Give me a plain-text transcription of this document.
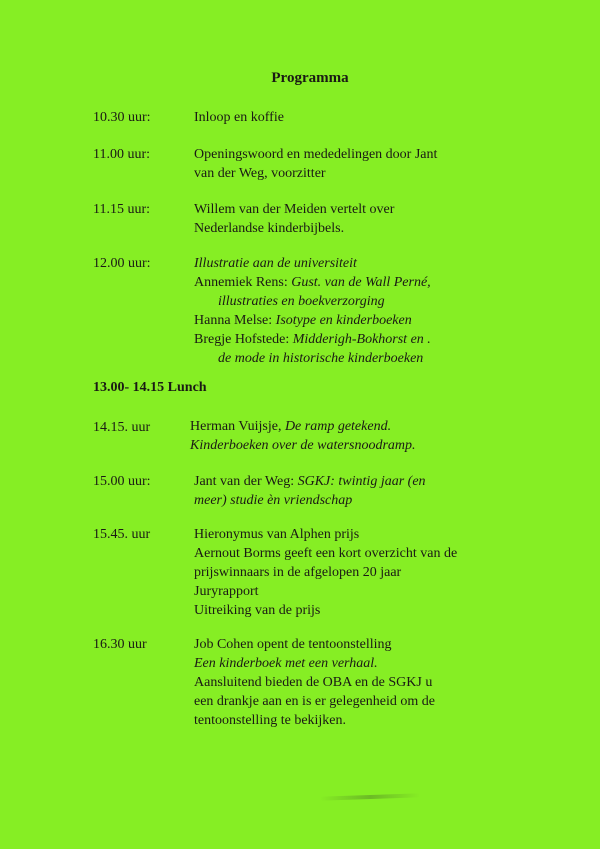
Programma
10.30 uur:	Inloop en koffie
11.00 uur:	Openingswoord en mededelingen door Jant
van der Weg, voorzitter
11.15 uur:	Willem van der Meiden vertelt over
Nederlandse kinderbijbels.
12.00 uur:	Illustratie aan de universiteit
Annemiek Rens: Gust. van de Wall Perné,
illustraties en boekverzorging
Hanna Melse: Isotype en kinderboeken
Bregje Hofstede: Midderigh-Bokhorst en .
de mode in historische kinderboeken
13.00- 14.15 Lunch
14.15. uur	Herman Vuijsje, De ramp getekend.
Kinderboeken over de watersnoodramp.
15.00 uur:	Jant van der Weg: SGKJ: twintig jaar (en
meer) studie èn vriendschap
15.45. uur	Hieronymus van Alphen prijs
Aernout Borms geeft een kort overzicht van de
prijswinnaars in de afgelopen 20 jaar
Juryrapport
Uitreiking van de prijs
16.30 uur	Job Cohen opent de tentoonstelling
Een kinderboek met een verhaal.
Aansluitend bieden de OBA en de SGKJ u
een drankje aan en is er gelegenheid om de
tentoonstelling te bekijken.
